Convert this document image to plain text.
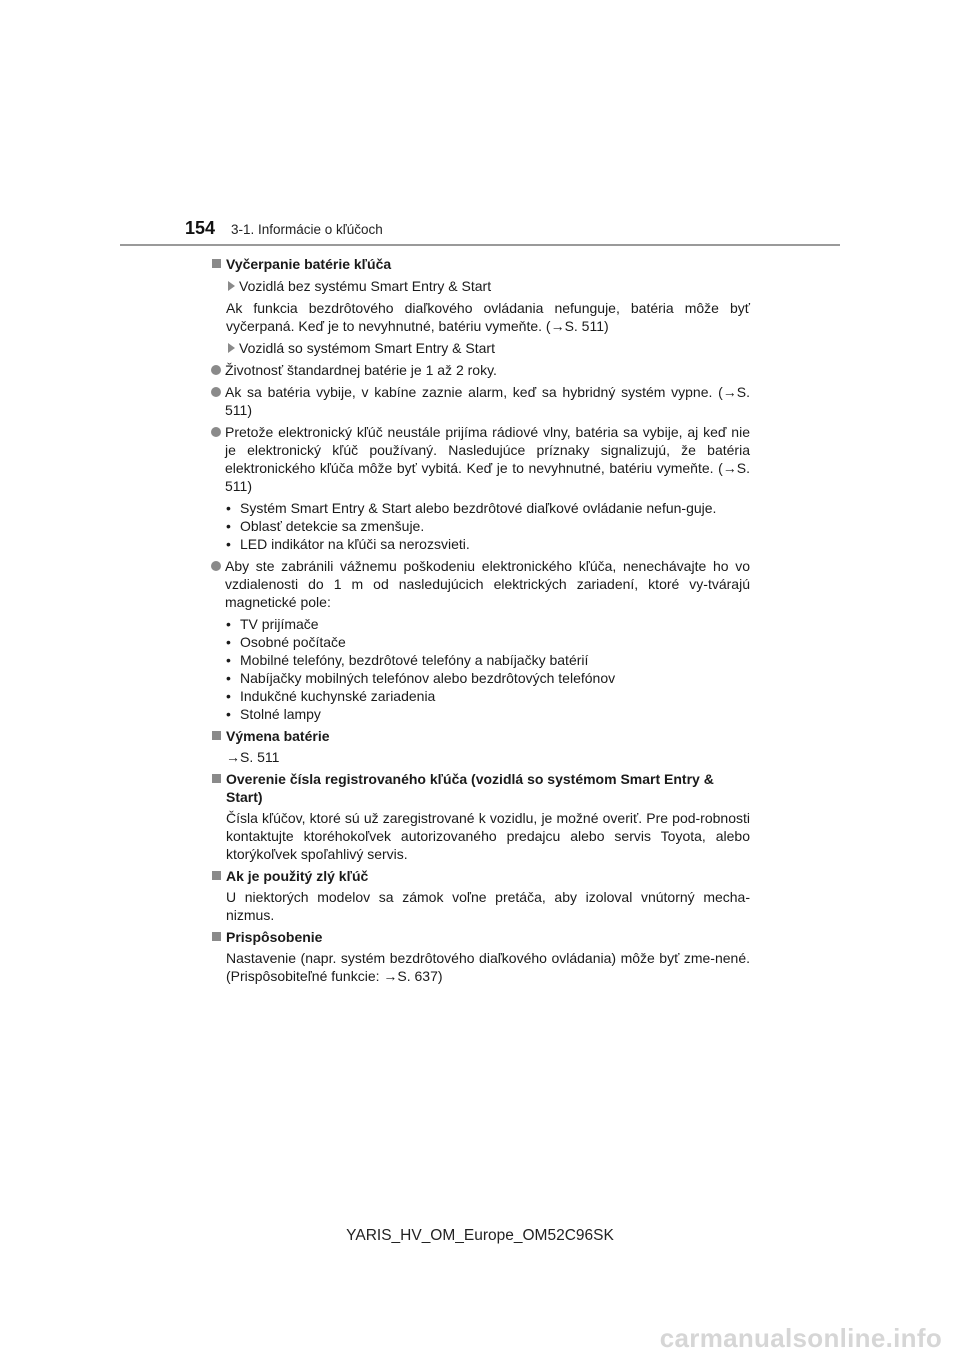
154 3-1. Informácie o kľúčoch
Vyčerpanie batérie kľúča
Vozidlá bez systému Smart Entry & Start

Ak funkcia bezdrôtového diaľkového ovládania nefunguje, batéria môže byť vyčerpaná. Keď je to nevyhnutné, batériu vymeňte. (→S. 511)

Vozidlá so systémom Smart Entry & Start
Životnosť štandardnej batérie je 1 až 2 roky.
Ak sa batéria vybije, v kabíne zaznie alarm, keď sa hybridný systém vypne. (→S. 511)
Pretože elektronický kľúč neustále prijíma rádiové vlny, batéria sa vybije, aj keď nie je elektronický kľúč používaný. Nasledujúce príznaky signalizujú, že batéria elektronického kľúča môže byť vybitá. Keď je to nevyhnutné, batériu vymeňte. (→S. 511)
• Systém Smart Entry & Start alebo bezdrôtové diaľkové ovládanie nefun-guje.
• Oblasť detekcie sa zmenšuje.
• LED indikátor na kľúči sa nerozsvieti.
Aby ste zabránili vážnemu poškodeniu elektronického kľúča, nenechávajte ho vo vzdialenosti do 1 m od nasledujúcich elektrických zariadení, ktoré vy-tvárajú magnetické pole:
• TV prijímače
• Osobné počítače
• Mobilné telefóny, bezdrôtové telefóny a nabíjačky batérií
• Nabíjačky mobilných telefónov alebo bezdrôtových telefónov
• Indukčné kuchynské zariadenia
• Stolné lampy
Výmena batérie

→S. 511

Overenie čísla registrovaného kľúča (vozidlá so systémom Smart Entry & Start)

Čísla kľúčov, ktoré sú už zaregistrované k vozidlu, je možné overiť. Pre pod-robnosti kontaktujte ktoréhokoľvek autorizovaného predajcu alebo servis Toyota, alebo ktorýkoľvek spoľahlivý servis.

Ak je použitý zlý kľúč

U niektorých modelov sa zámok voľne pretáča, aby izoloval vnútorný mecha-nizmus.

Prispôsobenie

Nastavenie (napr. systém bezdrôtového diaľkového ovládania) môže byť zme-nené. (Prispôsobiteľné funkcie: →S. 637)

YARIS_HV_OM_Europe_OM52C96SK
carmanualsonline.info
